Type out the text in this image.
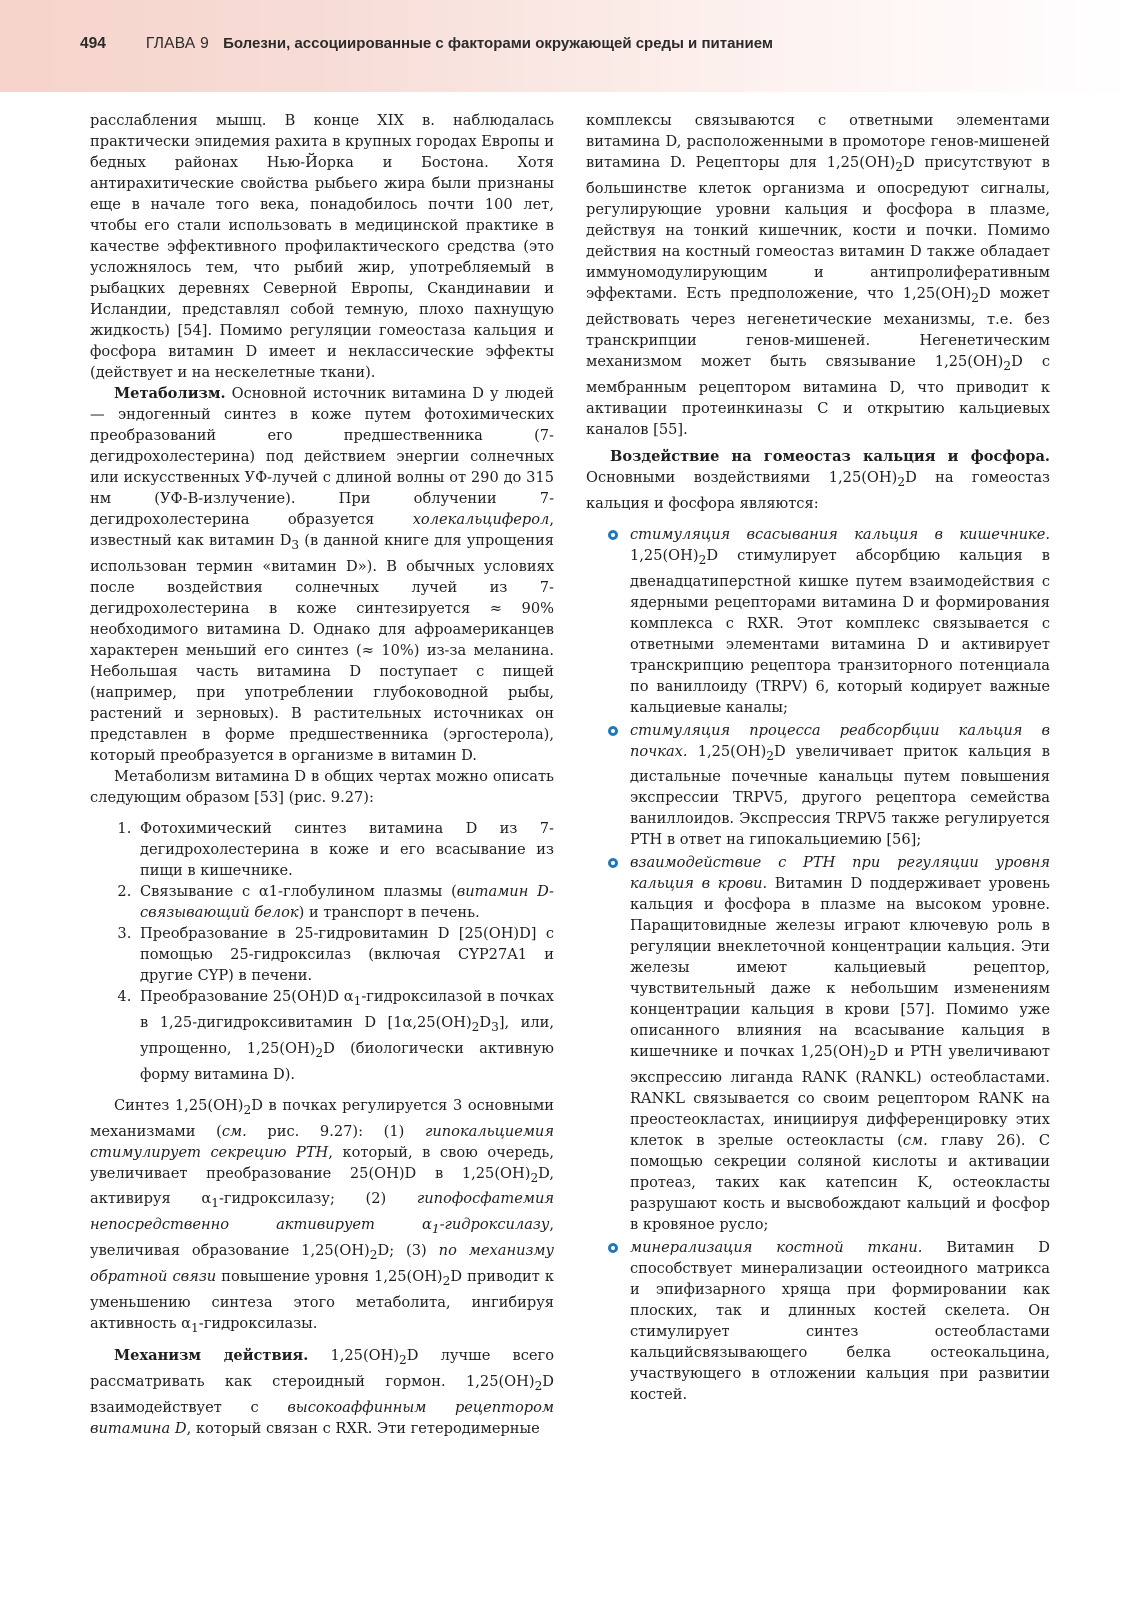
494	ГЛАВА 9 Болезни, ассоциированные с факторами окружающей среды и питанием

расслабления мышц. В конце XIX в. наблюдалась практически эпидемия рахита в крупных городах Европы и бедных районах Нью-Йорка и Бостона. Хотя антирахитические свойства рыбьего жира были признаны еще в начале того века, понадобилось почти 100 лет, чтобы его стали использовать в медицинской практике в качестве эффективного профилактического средства (это усложнялось тем, что рыбий жир, употребляемый в рыбацких деревнях Северной Европы, Скандинавии и Исландии, представлял собой темную, плохо пахнущую жидкость) [54]. Помимо регуляции гомеостаза кальция и фосфора витамин D имеет и неклассические эффекты (действует и на нескелетные ткани).

Метаболизм. Основной источник витамина D у людей — эндогенный синтез в коже путем фотохимических преобразований его предшественника (7-дегидрохолестерина) под действием энергии солнечных или искусственных УФ-лучей с длиной волны от 290 до 315 нм (УФ-В-излучение). При облучении 7-дегидрохолестерина образуется холекальциферол, известный как витамин $D_3$ (в данной книге для упрощения использован термин «витамин D»). В обычных условиях после воздействия солнечных лучей из 7-дегидрохолестерина в коже синтезируется ≈ 90% необходимого витамина D. Однако для афроамериканцев характерен меньший его синтез (≈ 10%) из-за меланина. Небольшая часть витамина D поступает с пищей (например, при употреблении глубоководной рыбы, растений и зерновых). В растительных источниках он представлен в форме предшественника (эргостерола), который преобразуется в организме в витамин D.

Метаболизм витамина D в общих чертах можно описать следующим образом [53] (рис. 9.27):

1. Фотохимический синтез витамина D из 7-дегидрохолестерина в коже и его всасывание из пищи в кишечнике.
2. Связывание с α1-глобулином плазмы (витамин D-связывающий белок) и транспорт в печень.
3. Преобразование в 25-гидровитамин D [25(OH)D] с помощью 25-гидроксилаз (включая CYP27A1 и другие CYP) в печени.
4. Преобразование 25(OH)D $\alpha_1$-гидроксилазой в почках в 1,25-дигидроксивитамин D $[1\alpha,25(OH)_2D_3]$, или, упрощенно, $1,25(OH)_2D$ (биологически активную форму витамина D).

Синтез $1,25(OH)_2D$ в почках регулируется 3 основными механизмами (см. рис. 9.27): (1) гипокальциемия стимулирует секрецию PTH, который, в свою очередь, увеличивает преобразование 25(OH)D в $1,25(OH)_2D$, активируя $\alpha_1$-гидроксилазу; (2) гипофосфатемия непосредственно активирует $\alpha_1$-гидроксилазу, увеличивая образование $1,25(OH)_2D$; (3) по механизму обратной связи повышение уровня $1,25(OH)_2D$ приводит к уменьшению синтеза этого метаболита, ингибируя активность $\alpha_1$-гидроксилазы.

Механизм действия. $1,25(OH)_2D$ лучше всего рассматривать как стероидный гормон. $1,25(OH)_2D$ взаимодействует с высокоаффинным рецептором витамина D, который связан с RXR. Эти гетеродимерные

комплексы связываются с ответными элементами витамина D, расположенными в промоторе генов-мишеней витамина D. Рецепторы для $1,25(OH)_2D$ присутствуют в большинстве клеток организма и опосредуют сигналы, регулирующие уровни кальция и фосфора в плазме, действуя на тонкий кишечник, кости и почки. Помимо действия на костный гомеостаз витамин D также обладает иммуномодулирующим и антипролиферативным эффектами. Есть предположение, что $1,25(OH)_2D$ может действовать через негенетические механизмы, т.е. без транскрипции генов-мишеней. Негенетическим механизмом может быть связывание $1,25(OH)_2D$ с мембранным рецептором витамина D, что приводит к активации протеинкиназы C и открытию кальциевых каналов [55].

Воздействие на гомеостаз кальция и фосфора. Основными воздействиями $1,25(OH)_2D$ на гомеостаз кальция и фосфора являются:

стимуляция всасывания кальция в кишечнике. $1,25(OH)_2D$ стимулирует абсорбцию кальция в двенадцатиперстной кишке путем взаимодействия с ядерными рецепторами витамина D и формирования комплекса с RXR. Этот комплекс связывается с ответными элементами витамина D и активирует транскрипцию рецептора транзиторного потенциала по ваниллоиду (TRPV) 6, который кодирует важные кальциевые каналы;
стимуляция процесса реабсорбции кальция в почках. $1,25(OH)_2D$ увеличивает приток кальция в дистальные почечные канальцы путем повышения экспрессии TRPV5, другого рецептора семейства ваниллоидов. Экспрессия TRPV5 также регулируется PTH в ответ на гипокальциемию [56];
взаимодействие с PTH при регуляции уровня кальция в крови. Витамин D поддерживает уровень кальция и фосфора в плазме на высоком уровне. Паращитовидные железы играют ключевую роль в регуляции внеклеточной концентрации кальция. Эти железы имеют кальциевый рецептор, чувствительный даже к небольшим изменениям концентрации кальция в крови [57]. Помимо уже описанного влияния на всасывание кальция в кишечнике и почках $1,25(OH)_2D$ и PTH увеличивают экспрессию лиганда RANK (RANKL) остеобластами. RANKL связывается со своим рецептором RANK на преостеокластах, инициируя дифференцировку этих клеток в зрелые остеокласты (см. главу 26). С помощью секреции соляной кислоты и активации протеаз, таких как катепсин K, остеокласты разрушают кость и высвобождают кальций и фосфор в кровяное русло;
минерализация костной ткани. Витамин D способствует минерализации остеоидного матрикса и эпифизарного хряща при формировании как плоских, так и длинных костей скелета. Он стимулирует синтез остеобластами кальцийсвязывающего белка остеокальцина, участвующего в отложении кальция при развитии костей.
